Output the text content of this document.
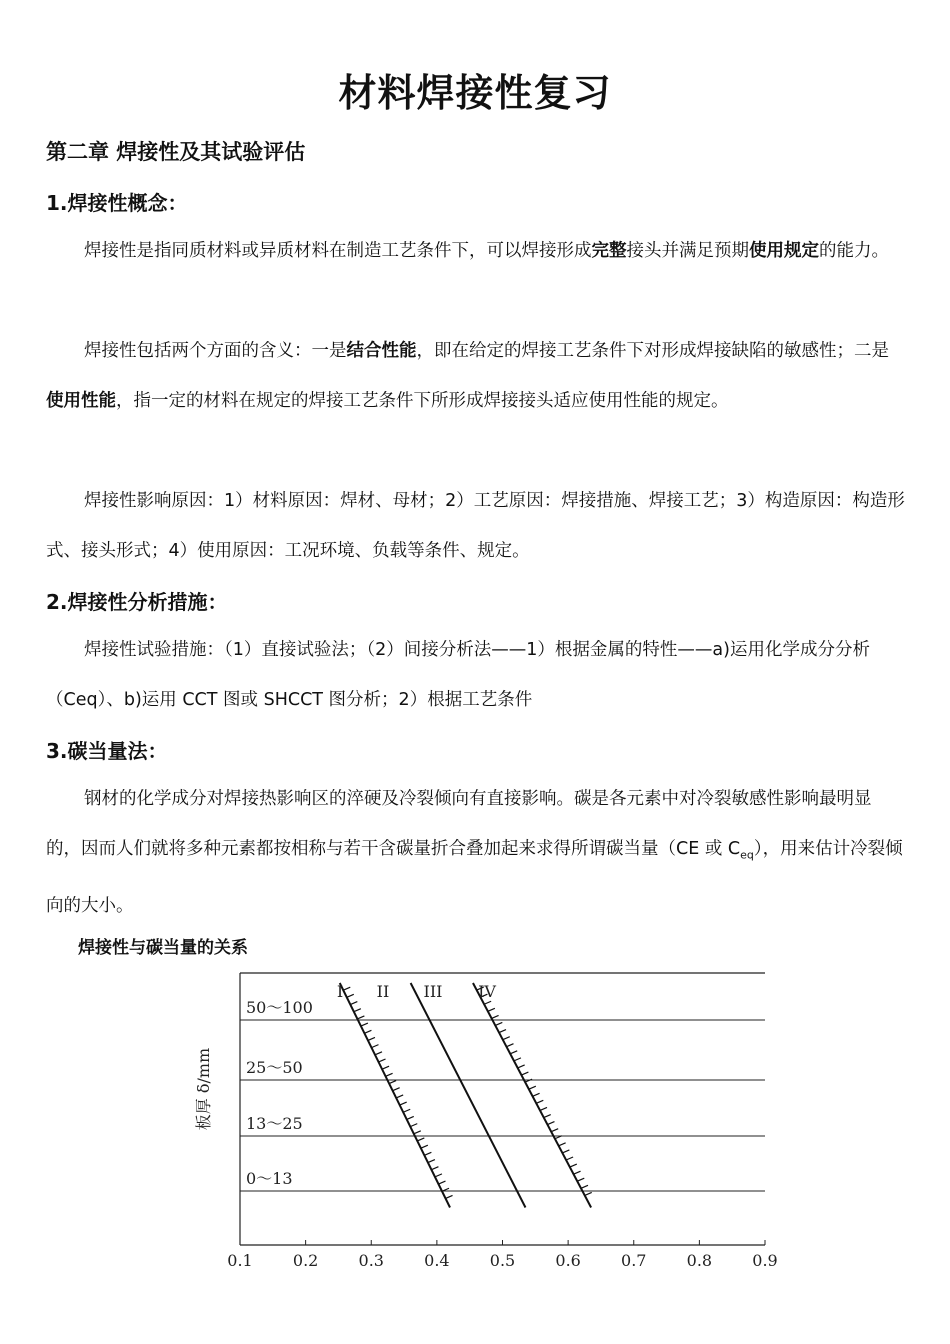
材料焊接性复习
第二章 焊接性及其试验评估
1.焊接性概念：
焊接性是指同质材料或异质材料在制造工艺条件下，可以焊接形成完整接头并满足预期使用规定的能力。
焊接性包括两个方面的含义：一是结合性能，即在给定的焊接工艺条件下对形成焊接缺陷的敏感性；二是使用性能，指一定的材料在规定的焊接工艺条件下所形成焊接接头适应使用性能的规定。
焊接性影响原因：1）材料原因：焊材、母材；2）工艺原因：焊接措施、焊接工艺；3）构造原因：构造形式、接头形式；4）使用原因：工况环境、负载等条件、规定。
2.焊接性分析措施：
焊接性试验措施：（1）直接试验法；（2）间接分析法——1）根据金属的特性——a)运用化学成分分析（Ceq）、b)运用 CCT 图或 SHCCT 图分析；2）根据工艺条件
3.碳当量法：
钢材的化学成分对焊接热影响区的淬硬及冷裂倾向有直接影响。碳是各元素中对冷裂敏感性影响最明显的，因而人们就将多种元素都按相称与若干含碳量折合叠加起来求得所谓碳当量（CE 或 $C_{eq}$），用来估计冷裂倾向的大小。
焊接性与碳当量的关系
0～13
13～25
25～50
50～100
0.1	0.2	0.3	0.4	0.5	0.6	0.7	0.8	0.9
板厚 δ/mm
I II III IV
